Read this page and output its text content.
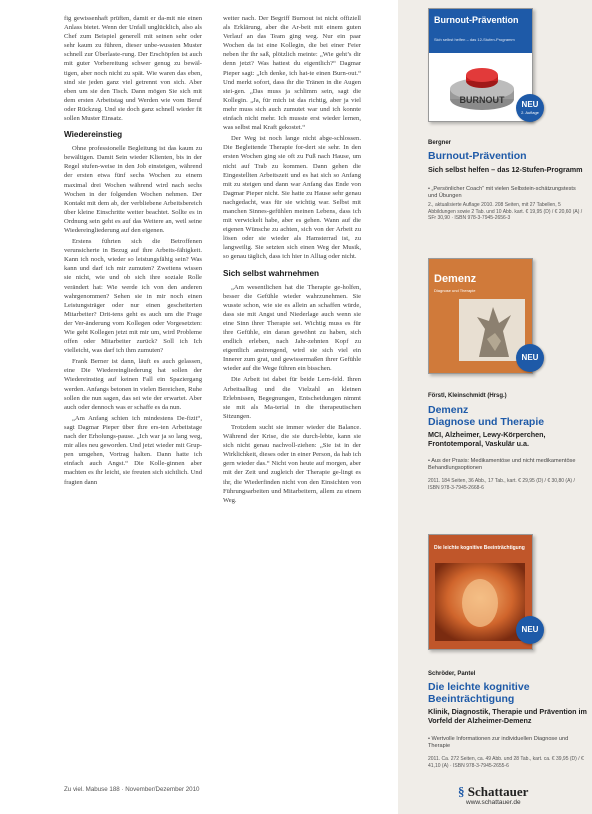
fig gewissenhaft prüften, damit er da-mit nie einen Anlass bietet. Wenn der Unfall unglücklich, also als Chef zum Beispiel generell mit seinen sehr oder sehr kaum zu führen, dieser unbe-wussten Muster schnell zur Überlaste-rung. Der Erschöpfen ist auch mit guter Vorbereitung schwer genug zu bewäl-tigen, aber noch nicht zu spät. Wie waren das eben, sind sie jeden ganz viel getrennt von sich. Aber eben um sie den Tisch. Dann mögen Sie sich mit dem ersten Arbeitstag und Werden wie vom Beruf oder Rückzug. Und sie doch ganz schnell wieder fit sollen Muster Einsatz.

Wiedereinstieg

Ohne professionelle Begleitung ist das kaum zu bewältigen. Damit Sein wieder Klienten, bis in der Regel stufen-weise in den Job einsteigen, während der ersten etwa fünf sechs Wochen zu einem maximal drei Wochen während wird nach sechs Wochen in der folgenden Wochen nehmen. Der Kontakt mit dem ab, der verbliebene Arbeitsbereich über kleine Einschritte weiter beachtet. Sollte es in Ordnung sein geht es auf das Weitere an, weil seine Wiedereingliederung auf den eigenen.

Erstens führten sich die Betroffenen verunsicherte in Bezug auf ihre Arbeits-fähigkeit. Kann ich noch, wieder so leistungsfähig sein? Was kann und darf ich mir zumuten? Zweitens wissen sie nicht, wie und ob sich ihre soziale Rolle verändert hat: Wie werde ich von den anderen wahrgenommen? Sehen sie in mir noch einen Leistungsträger oder nur einen gescheiterten Mitarbeiter? Drit-tens geht es auch um die Frage der Ver-änderung vom Kollegen oder Vorgesetzten: Wie geht Kollegen jetzt mit mir um, wird Probleme offen oder Mitarbeiter zurück? Soll ich Ich vielleicht, was darf ich ihm zumuten?

Frank Berner ist dann, läuft es auch gelassen, eine Die Wiedereingliederung hat sollen der Wiedereinstieg auf keinen Fall ein Spaziergang werden. Anfangs betonen in vielen Bereichen, Ruhe sollen die nun sagen, das sei wie der erwartet. Aber auch oder dennoch was er schaffe es da nun.

„Am Anfang schien ich mindestens De-fizit“, sagt Dagmar Pieper über ihre ers-ten Arbeitstage nach der Erholungs-pause. „Ich war ja so lang weg, mir alles neu geworden. Und jetzt wieder mit Grup-pen umgehen, Vortrag halten. Dann hatte ich einfach auch Angst.“ Die Kolle-ginnen aber machten es ihr leicht, sie freuten sich sichtlich. Und fragten dann

weiter nach. Der Begriff Burnout ist nicht offiziell als Erklärung, aber die Ar-beit mit einem guten Verlauf an das Team ging weg. Nur ein paar Wochen da ist eine Kollegin, die bei einer Feier neben ihr ihr saß, plötzlich meinte: „Wie geht’s dir denn jetzt? Was hattest du eigentlich?“ Dagmar Pieper sagt: „Ich denke, ich hat-te einen Burn-out.“ Und merkt sofort, dass ihr die Tränen in die Augen stei-gen. „Das muss ja schlimm sein, sagt die Kollegin. „Ja, für mich ist das richtig, aber ja viel mehr muss sich auch zumutet war und ich konnte einfach nicht mehr. Ich musste erst wieder lernen, was selbst mal Kraft gekostet.“

Der Weg ist noch lange nicht abge-schlossen. Die Begleitende Therapie for-dert sie sehr. In den ersten Wochen ging sie oft zu Fuß nach Hause, um nicht auf Trab zu kommen. Dann gehen die Eingestellten Arbeitszeit und es hat sich so Anfang mit zu steigen und dann war Anfang das Ende von Dagmar Pieper nicht. Sie hatte zu Hause sehr genau nachgedacht, was für sie wichtig war. Selbst mit manchen Sinnes-gefühlen meinen Lebens, dass ich mit verwickelt habe, aber es gehen. Wann auf die eigenen Wünsche zu achten, sich von der Arbeit zu lösen oder sie wieder als Hamsterrad ist, zu langweilig. Sie setzten sich einen Weg der Musik, so genau täglich, dass ich hier in Alltag oder nicht.

Sich selbst wahrnehmen

„Am wesentlichen hat die Therapie ge-holfen, besser die Gefühle wieder wahrzunehmen. Sie wusste schon, wie sie es allein an schaffen würde, dass sie mit Angst und Niederlage auch wenn sie eine Sinn ihrer Therapie sei. Wichtig muss es für ihre Gefühle, ein daran gewöhnt zu haben, sich endlich erleben, nach Jahr-zehnten Kopf zu eigentlich anstrengend, wird sie sich viel ein Innerer zum grat, und gewissermaßen ihrer Gefühle wieder auf die Wege führen ein bisschen.

Die Arbeit ist dabei für beide Lern-feld. Ihren Arbeitsalltag und die Vielzahl an kleinen Erlebnissen, Begegnungen, Entscheidungen nimmt sie mit als Ma-terial in die therapeutischen Sitzungen.

Trotzdem sucht sie immer wieder die Balance. Während der Krise, die sie durch-lebte, kann sie sich nicht genau nachvoll-ziehen: „Sie ist in der Wirklichkeit, dieses oder in einer Person, da hab ich gern wieder das.“ Nicht von heute auf morgen, aber mit der Zeit und zugleich der Therapie ge-lingt es ihr, die Wiederfinden nicht von den Einsichten von Führungsarbeiten und Mitarbeitern, allem zu einem Weg.

Zu viel. Mabuse 188 · November/Dezember 2010
Burnout-Prävention
Sich selbst helfen – das 12-Stufen-Programm
BURNOUT	NEU
2. Auflage
Bergner
Burnout-Prävention
Sich selbst helfen – das 12-Stufen-Programm
• „Persönlicher Coach“ mit vielen Selbstein-schätzungstests und Übungen
2., aktualisierte Auflage 2010. 208 Seiten, mit 27 Tabellen, 5 Abbildungen sowie 2 Tab. und 10 Abb. kart. € 19,95 (D) / € 20,60 (A) / SFr 30,90 · ISBN 978-3-7945-2656-3
Demenz
Diagnose und Therapie
NEU
Förstl, Kleinschmidt (Hrsg.)
Demenz
Diagnose und Therapie
MCI, Alzheimer, Lewy-Körperchen, Frontotemporal, Vaskulär u.a.
• Aus der Praxis: Medikamentöse und nicht medikamentöse Behandlungsoptionen
2011. 184 Seiten, 36 Abb., 17 Tab., kart. € 29,95 (D) / € 30,80 (A) / ISBN 978-3-7945-2668-6
Die leichte kognitive Beeinträchtigung
NEU
Schröder, Pantel
Die leichte kognitive Beeinträchtigung
Klinik, Diagnostik, Therapie und Prävention im Vorfeld der Alzheimer-Demenz
• Wertvolle Informationen zur individuellen Diagnose und Therapie
2011. Ca. 272 Seiten, ca. 49 Abb. und 28 Tab., kart. ca. € 39,95 (D) / € 41,10 (A) · ISBN 978-3-7945-2655-6
§ Schattauer
www.schattauer.de
